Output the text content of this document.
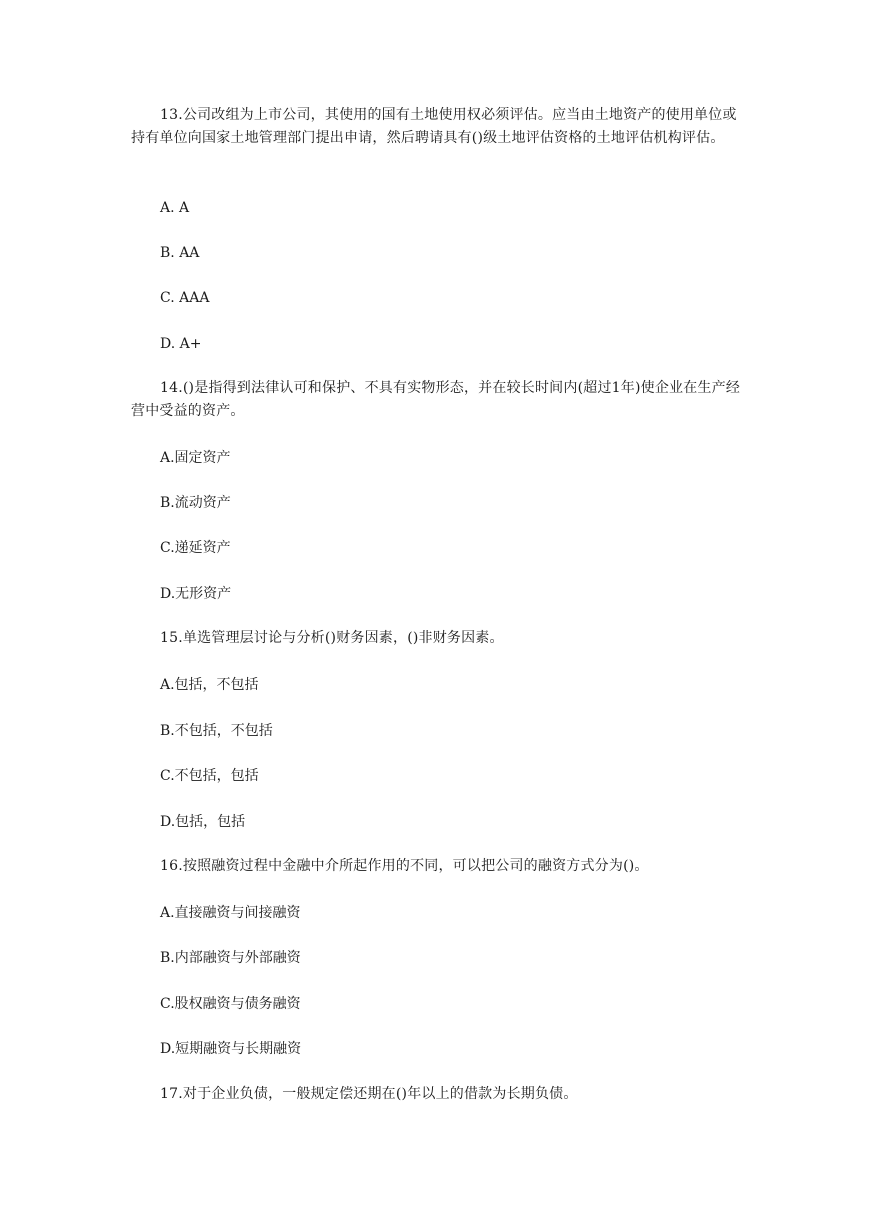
13.公司改组为上市公司，其使用的国有土地使用权必须评估。应当由土地资产的使用单位或持有单位向国家土地管理部门提出申请，然后聘请具有()级土地评估资格的土地评估机构评估。

A. A

B. AA

C. AAA

D. A+

14.()是指得到法律认可和保护、不具有实物形态，并在较长时间内(超过1年)使企业在生产经营中受益的资产。

A.固定资产

B.流动资产

C.递延资产

D.无形资产

15.单选管理层讨论与分析()财务因素，()非财务因素。

A.包括，不包括

B.不包括，不包括

C.不包括，包括

D.包括，包括

16.按照融资过程中金融中介所起作用的不同，可以把公司的融资方式分为()。

A.直接融资与间接融资

B.内部融资与外部融资

C.股权融资与债务融资

D.短期融资与长期融资

17.对于企业负债，一般规定偿还期在()年以上的借款为长期负债。
